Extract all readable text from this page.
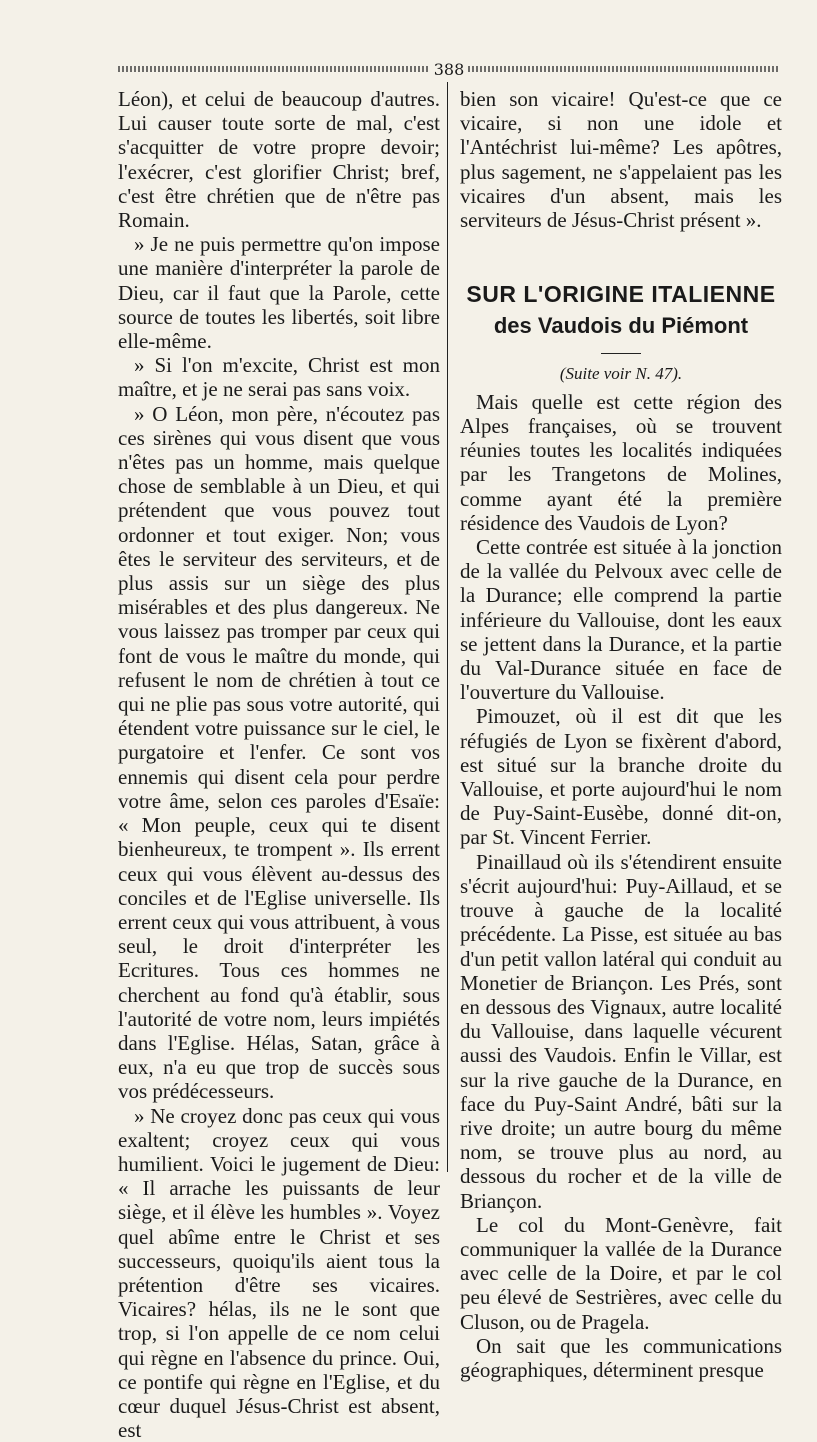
388

Léon), et celui de beaucoup d'autres. Lui causer toute sorte de mal, c'est s'acquitter de votre propre devoir; l'exécrer, c'est glorifier Christ; bref, c'est être chrétien que de n'être pas Romain.

» Je ne puis permettre qu'on impose une manière d'interpréter la parole de Dieu, car il faut que la Parole, cette source de toutes les libertés, soit libre elle-même.

» Si l'on m'excite, Christ est mon maître, et je ne serai pas sans voix.

» O Léon, mon père, n'écoutez pas ces sirènes qui vous disent que vous n'êtes pas un homme, mais quelque chose de semblable à un Dieu, et qui prétendent que vous pouvez tout ordonner et tout exiger. Non; vous êtes le serviteur des serviteurs, et de plus assis sur un siège des plus misérables et des plus dangereux. Ne vous laissez pas tromper par ceux qui font de vous le maître du monde, qui refusent le nom de chrétien à tout ce qui ne plie pas sous votre autorité, qui étendent votre puissance sur le ciel, le purgatoire et l'enfer. Ce sont vos ennemis qui disent cela pour perdre votre âme, selon ces paroles d'Esaïe: « Mon peuple, ceux qui te disent bienheureux, te trompent ». Ils errent ceux qui vous élèvent au-dessus des conciles et de l'Eglise universelle. Ils errent ceux qui vous attribuent, à vous seul, le droit d'interpréter les Ecritures. Tous ces hommes ne cherchent au fond qu'à établir, sous l'autorité de votre nom, leurs impiétés dans l'Eglise. Hélas, Satan, grâce à eux, n'a eu que trop de succès sous vos prédécesseurs.

» Ne croyez donc pas ceux qui vous exaltent; croyez ceux qui vous humilient. Voici le jugement de Dieu: « Il arrache les puissants de leur siège, et il élève les humbles ». Voyez quel abîme entre le Christ et ses successeurs, quoiqu'ils aient tous la prétention d'être ses vicaires. Vicaires? hélas, ils ne le sont que trop, si l'on appelle de ce nom celui qui règne en l'absence du prince. Oui, ce pontife qui règne en l'Eglise, et du cœur duquel Jésus-Christ est absent, est

bien son vicaire! Qu'est-ce que ce vicaire, si non une idole et l'Antéchrist lui-même? Les apôtres, plus sagement, ne s'appelaient pas les vicaires d'un absent, mais les serviteurs de Jésus-Christ présent ».

SUR L'ORIGINE ITALIENNE
des Vaudois du Piémont
(Suite voir N. 47).

Mais quelle est cette région des Alpes françaises, où se trouvent réunies toutes les localités indiquées par les Trangetons de Molines, comme ayant été la première résidence des Vaudois de Lyon?

Cette contrée est située à la jonction de la vallée du Pelvoux avec celle de la Durance; elle comprend la partie inférieure du Vallouise, dont les eaux se jettent dans la Durance, et la partie du Val-Durance située en face de l'ouverture du Vallouise.

Pimouzet, où il est dit que les réfugiés de Lyon se fixèrent d'abord, est situé sur la branche droite du Vallouise, et porte aujourd'hui le nom de Puy-Saint-Eusèbe, donné dit-on, par St. Vincent Ferrier.

Pinaillaud où ils s'étendirent ensuite s'écrit aujourd'hui: Puy-Aillaud, et se trouve à gauche de la localité précédente. La Pisse, est située au bas d'un petit vallon latéral qui conduit au Monetier de Briançon. Les Prés, sont en dessous des Vignaux, autre localité du Vallouise, dans laquelle vécurent aussi des Vaudois. Enfin le Villar, est sur la rive gauche de la Durance, en face du Puy-Saint André, bâti sur la rive droite; un autre bourg du même nom, se trouve plus au nord, au dessous du rocher et de la ville de Briançon.

Le col du Mont-Genèvre, fait communiquer la vallée de la Durance avec celle de la Doire, et par le col peu élevé de Sestrières, avec celle du Cluson, ou de Pragela.

On sait que les communications géographiques, déterminent presque
